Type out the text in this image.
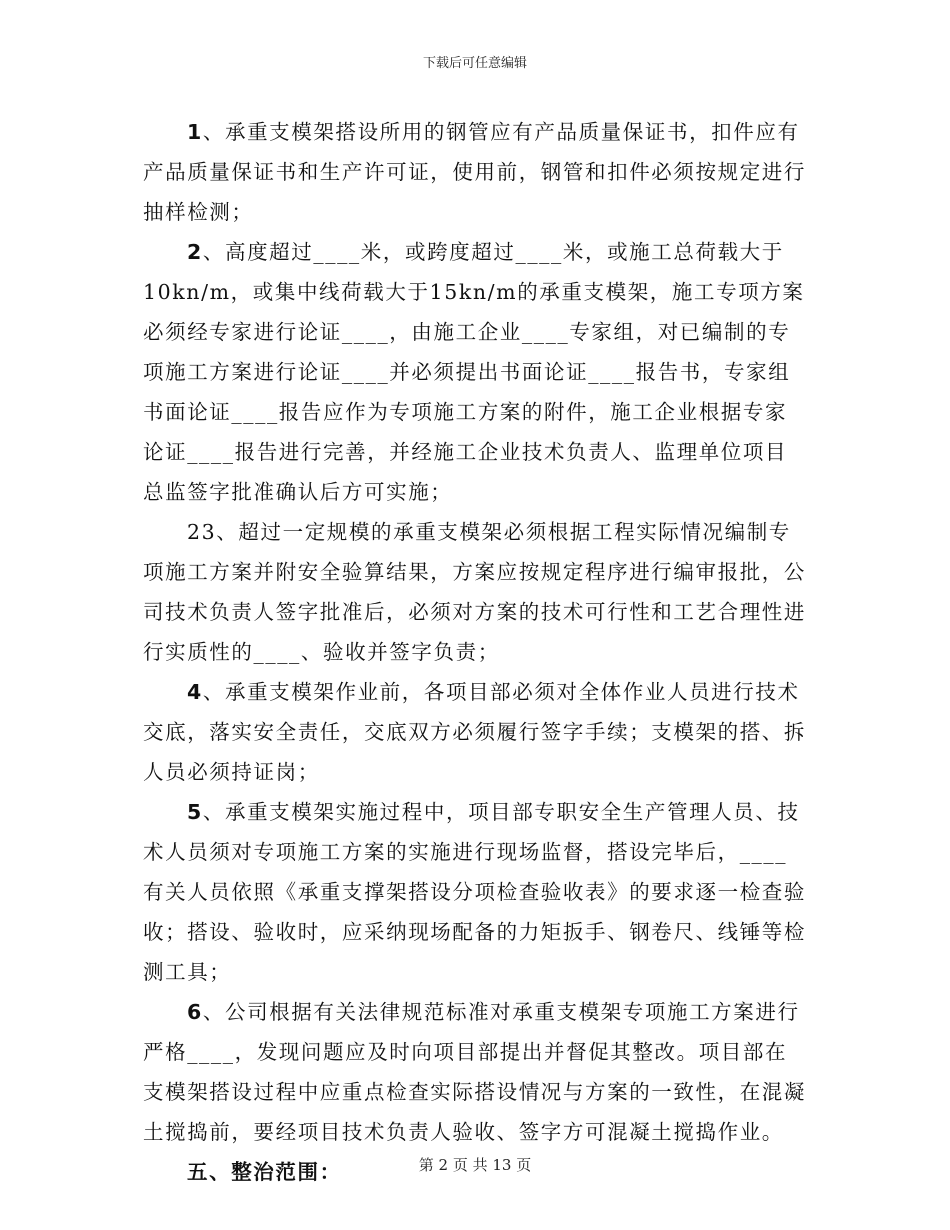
下载后可任意编辑

1、承重支模架搭设所用的钢管应有产品质量保证书，扣件应有产品质量保证书和生产许可证，使用前，钢管和扣件必须按规定进行抽样检测；

2、高度超过____米，或跨度超过____米，或施工总荷载大于10kn/m，或集中线荷载大于15kn/m的承重支模架，施工专项方案必须经专家进行论证____，由施工企业____专家组，对已编制的专项施工方案进行论证____并必须提出书面论证____报告书，专家组书面论证____报告应作为专项施工方案的附件，施工企业根据专家论证____报告进行完善，并经施工企业技术负责人、监理单位项目总监签字批准确认后方可实施；

23、超过一定规模的承重支模架必须根据工程实际情况编制专项施工方案并附安全验算结果，方案应按规定程序进行编审报批，公司技术负责人签字批准后，必须对方案的技术可行性和工艺合理性进行实质性的____、验收并签字负责；

4、承重支模架作业前，各项目部必须对全体作业人员进行技术交底，落实安全责任，交底双方必须履行签字手续；支模架的搭、拆人员必须持证岗；

5、承重支模架实施过程中，项目部专职安全生产管理人员、技术人员须对专项施工方案的实施进行现场监督，搭设完毕后，____有关人员依照《承重支撑架搭设分项检查验收表》的要求逐一检查验收；搭设、验收时，应采纳现场配备的力矩扳手、钢卷尺、线锤等检测工具；

6、公司根据有关法律规范标准对承重支模架专项施工方案进行严格____，发现问题应及时向项目部提出并督促其整改。项目部在支模架搭设过程中应重点检查实际搭设情况与方案的一致性，在混凝土搅捣前，要经项目技术负责人验收、签字方可混凝土搅捣作业。

五、整治范围：	第 2 页 共 13 页
